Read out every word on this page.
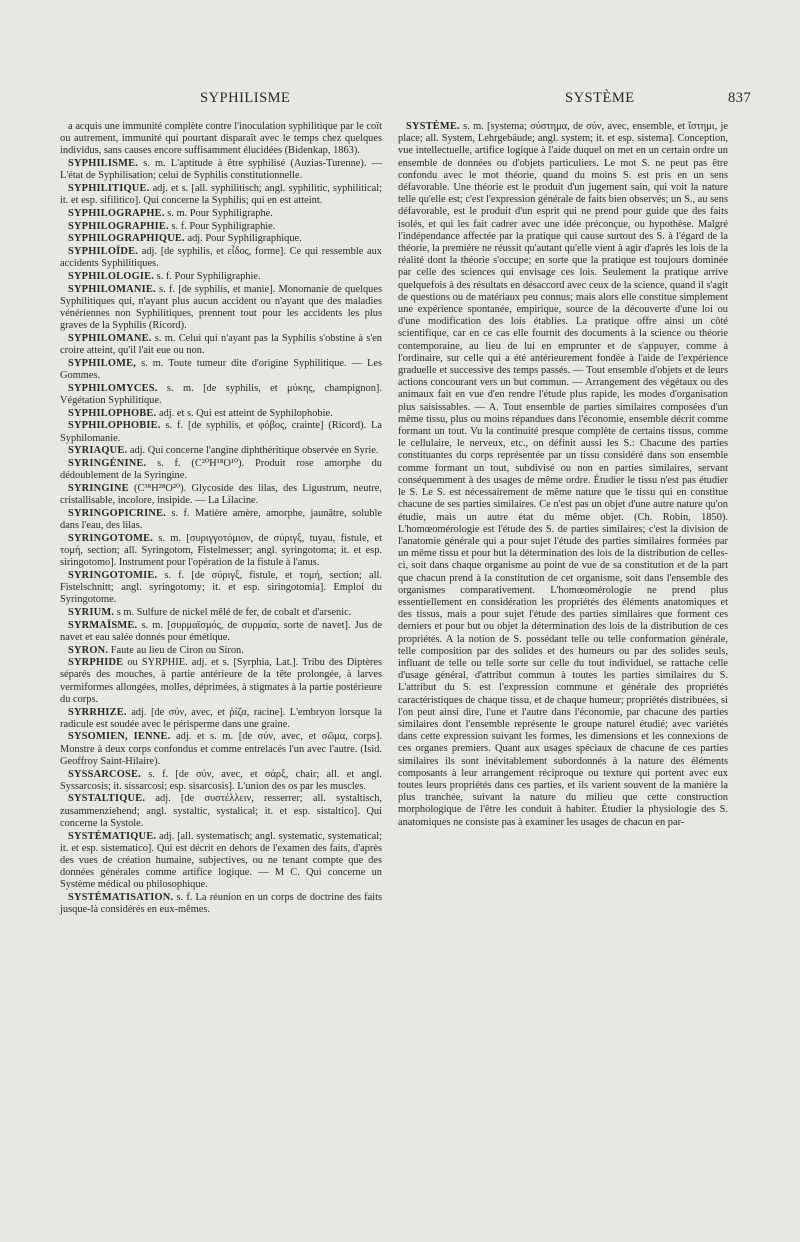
SYPHILISME	SYSTÈME	837

a acquis une immunité complète contre l'inoculation syphilitique par le coït ou autrement, immunité qui pourtant disparaît avec le temps chez quelques individus, sans causes encore suffisamment élucidées (Bidenkap, 1863).

SYPHILISME. s. m. L'aptitude à être syphilisé (Auzias-Turenne). — L'état de Syphilisation; celui de Syphilis constitutionnelle.

SYPHILITIQUE. adj. et s. [all. syphilitisch; angl. syphilitic, syphilitical; it. et esp. sifilitico]. Qui concerne la Syphilis; qui en est atteint.

SYPHILOGRAPHE. s. m. Pour Syphiligraphe.

SYPHILOGRAPHIE. s. f. Pour Syphiligraphie.

SYPHILOGRAPHIQUE. adj. Pour Syphiligraphique.

SYPHILOÏDE. adj. [de syphilis, et εἶδος, forme]. Ce qui ressemble aux accidents Syphilitiques.

SYPHILOLOGIE. s. f. Pour Syphiligraphie.

SYPHILOMANIE. s. f. [de syphilis, et manie]. Monomanie de quelques Syphilitiques qui, n'ayant plus aucun accident ou n'ayant que des maladies vénériennes non Syphilitiques, prennent tout pour les accidents les plus graves de la Syphilis (Ricord).

SYPHILOMANE. s. m. Celui qui n'ayant pas la Syphilis s'obstine à s'en croire atteint, qu'il l'ait eue ou non.

SYPHILOME, s. m. Toute tumeur dite d'origine Syphilitique. — Les Gommes.

SYPHILOMYCES. s. m. [de syphilis, et μύκης, champignon]. Végétation Syphilitique.

SYPHILOPHOBE. adj. et s. Qui est atteint de Syphilophobie.

SYPHILOPHOBIE. s. f. [de syphilis, et φόβος, crainte] (Ricord). La Syphilomanie.

SYRIAQUE. adj. Qui concerne l'angine diphthéritique observée en Syrie.

SYRINGÉNINE. s. f. (C²⁰H¹⁸O¹⁰). Produit rose amorphe du dédoublement de la Syringine.

SYRINGINE (C³⁸H²⁸O²⁰). Glycoside des lilas, des Ligustrum, neutre, cristallisable, incolore, insipide. — La Lilacine.

SYRINGOPICRINE. s. f. Matière amère, amorphe, jaunâtre, soluble dans l'eau, des lilas.

SYRINGOTOME. s. m. [συριγγοτόμιον, de σύριγξ, tuyau, fistule, et τομή, section; all. Syringotom, Fistelmesser; angl. syringotoma; it. et esp. siringotomo]. Instrument pour l'opération de la fistule à l'anus.

SYRINGOTOMIE. s. f. [de σύριγξ, fistule, et τομή, section; all. Fistelschnitt; angl. syringotomy; it. et esp. siringotomia]. Emploi du Syringotome.

SYRIUM. s m. Sulfure de nickel mêlé de fer, de cobalt et d'arsenic.

SYRMAÏSME. s. m. [συρμαϊσμός, de συρμαία, sorte de navet]. Jus de navet et eau salée donnés pour émétique.

SYRON. Faute au lieu de Ciron ou Siron.

SYRPHIDE ou SYRPHIE. adj. et s. [Syrphia, Lat.]. Tribu des Diptères séparés des mouches, à partie antérieure de la tête prolongée, à larves vermiformes allongées, molles, déprimées, à stigmates à la partie postérieure du corps.

SYRRHIZE. adj. [de σύν, avec, et ῥίζα, racine]. L'embryon lorsque la radicule est soudée avec le périsperme dans une graine.

SYSOMIEN, IENNE. adj. et s. m. [de σύν, avec, et σῶμα, corps]. Monstre à deux corps confondus et comme entrelacés l'un avec l'autre. (Isid. Geoffroy Saint-Hilaire).

SYSSARCOSE. s. f. [de σύν, avec, et σάρξ, chair; all. et angl. Syssarcosis; it. sissarcosi; esp. sisarcosis]. L'union des os par les muscles.

SYSTALTIQUE. adj. [de συστέλλειν, resserrer; all. systaltisch, zusammenziehend; angl. systaltic, systalical; it. et esp. sistaltico]. Qui concerne la Systole.

SYSTÉMATIQUE. adj. [all. systematisch; angl. systematic, systematical; it. et esp. sistematico]. Qui est décrit en dehors de l'examen des faits, d'après des vues de création humaine, subjectives, ou ne tenant compte que des données générales comme artifice logique. — M C. Qui concerne un Système médical ou philosophique.

SYSTÉMATISATION. s. f. La réunion en un corps de doctrine des faits jusque-là considérés en eux-mêmes.

SYSTÈME. s. m. [systema; σύστημα, de σύν, avec, ensemble, et ἵστημι, je place; all. System, Lehrgebäude; angl. system; it. et esp. sistema]. Conception, vue intellectuelle, artifice logique à l'aide duquel on met en un certain ordre un ensemble de données ou d'objets particuliers. Le mot S. ne peut pas être confondu avec le mot théorie, quand du moins S. est pris en un sens défavorable. Une théorie est le produit d'un jugement sain, qui voit la nature telle qu'elle est; c'est l'expression générale de faits bien observés; un S., au sens défavorable, est le produit d'un esprit qui ne prend pour guide que des faits isolés, et qui les fait cadrer avec une idée préconçue, ou hypothèse. Malgré l'indépendance affectée par la pratique qui cause surtout des S. à l'égard de la théorie, la première ne réussit qu'autant qu'elle vient à agir d'après les lois de la réalité dont la théorie s'occupe; en sorte que la pratique est toujours dominée par celle des sciences qui envisage ces lois. Seulement la pratique arrive quelquefois à des résultats en désaccord avec ceux de la science, quand il s'agit de questions ou de matériaux peu connus; mais alors elle constitue simplement une expérience spontanée, empirique, source de la découverte d'une loi ou d'une modification des lois établies. La pratique offre ainsi un côté scientifique, car en ce cas elle fournit des documents à la science ou théorie contemporaine, au lieu de lui en emprunter et de s'appuyer, comme à l'ordinaire, sur celle qui a été antérieurement fondée à l'aide de l'expérience graduelle et successive des temps passés. — Tout ensemble d'objets et de leurs actions concourant vers un but commun. — Arrangement des végétaux ou des animaux fait en vue d'en rendre l'étude plus rapide, les modes d'organisation plus saisissables. — A. Tout ensemble de parties similaires composées d'un même tissu, plus ou moins répandues dans l'économie, ensemble décrit comme formant un tout. Vu la continuité presque complète de certains tissus, comme le cellulaire, le nerveux, etc., on définit aussi les S.: Chacune des parties constituantes du corps représentée par un tissu considéré dans son ensemble comme formant un tout, subdivisé ou non en parties similaires, servant conséquemment à des usages de même ordre. Étudier le tissu n'est pas étudier le S. Le S. est nécessairement de même nature que le tissu qui en constitue chacune de ses parties similaires. Ce n'est pas un objet d'une autre nature qu'on étudie, mais un autre état du même objet. (Ch. Robin, 1850). L'homœomérologie est l'étude des S. de parties similaires; c'est la division de l'anatomie générale qui a pour sujet l'étude des parties similaires formées par un même tissu et pour but la détermination des lois de la distribution de celles-ci, soit dans chaque organisme au point de vue de sa constitution et de la part que chacun prend à la constitution de cet organisme, soit dans l'ensemble des organismes comparativement. L'homœomérologie ne prend plus essentiellement en considération les propriétés des éléments anatomiques et des tissus, mais a pour sujet l'étude des parties similaires que forment ces derniers et pour but ou objet la détermination des lois de la distribution de ces propriétés. A la notion de S. possédant telle ou telle conformation générale, telle composition par des solides et des humeurs ou par des solides seuls, influant de telle ou telle sorte sur celle du tout individuel, se rattache celle d'usage général, d'attribut commun à toutes les parties similaires du S. L'attribut du S. est l'expression commune et générale des propriétés caractéristiques de chaque tissu, et de chaque humeur; propriétés distribuées, si l'on peut ainsi dire, l'une et l'autre dans l'économie, par chacune des parties similaires dont l'ensemble représente le groupe naturel étudié; avec variétés dans cette expression suivant les formes, les dimensions et les connexions de ces organes premiers. Quant aux usages spéciaux de chacune de ces parties similaires ils sont inévitablement subordonnés à la nature des éléments composants à leur arrangement réciproque ou texture qui portent avec eux toutes leurs propriétés dans ces parties, et ils varient souvent de la manière la plus tranchée, suivant la nature du milieu que cette construction morphologique de l'être les conduit à habiter. Étudier la physiologie des S. anatomiques ne consiste pas à examiner les usages de chacun en par-
